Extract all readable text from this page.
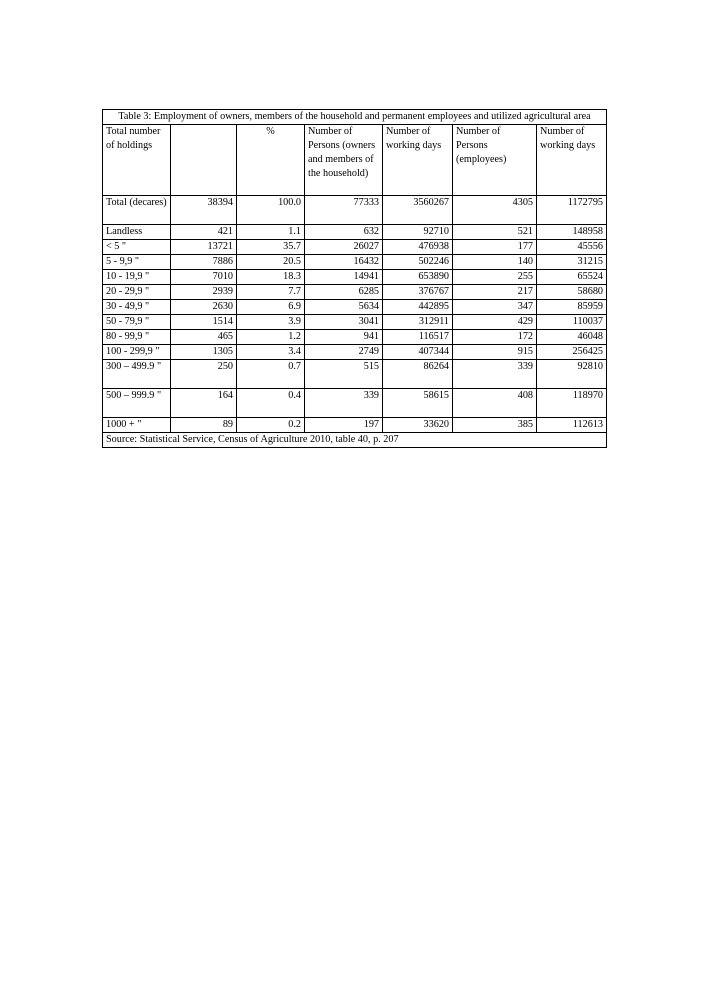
Table 3: Employment of owners, members of the household and permanent employees and utilized agricultural area						
Total number of holdings		%	Number of Persons (owners and members of the household)	Number of working days	Number of Persons (employees)	Number of working days
Total (decares)	38394	100.0	77333	3560267	4305	1172795
Landless	421	1.1	632	92710	521	148958
< 5 "	13721	35.7	26027	476938	177	45556
5 - 9,9 "	7886	20.5	16432	502246	140	31215
10 - 19,9 "	7010	18.3	14941	653890	255	65524
20 - 29,9 "	2939	7.7	6285	376767	217	58680
30 - 49,9 "	2630	6.9	5634	442895	347	85959
50 - 79,9 "	1514	3.9	3041	312911	429	110037
80 - 99,9 "	465	1.2	941	116517	172	46048
100 - 299,9 "	1305	3.4	2749	407344	915	256425
300 – 499.9 "	250	0.7	515	86264	339	92810
500 – 999.9 "	164	0.4	339	58615	408	118970
1000 + "	89	0.2	197	33620	385	112613
Source: Statistical Service, Census of Agriculture 2010, table 40, p. 207						
